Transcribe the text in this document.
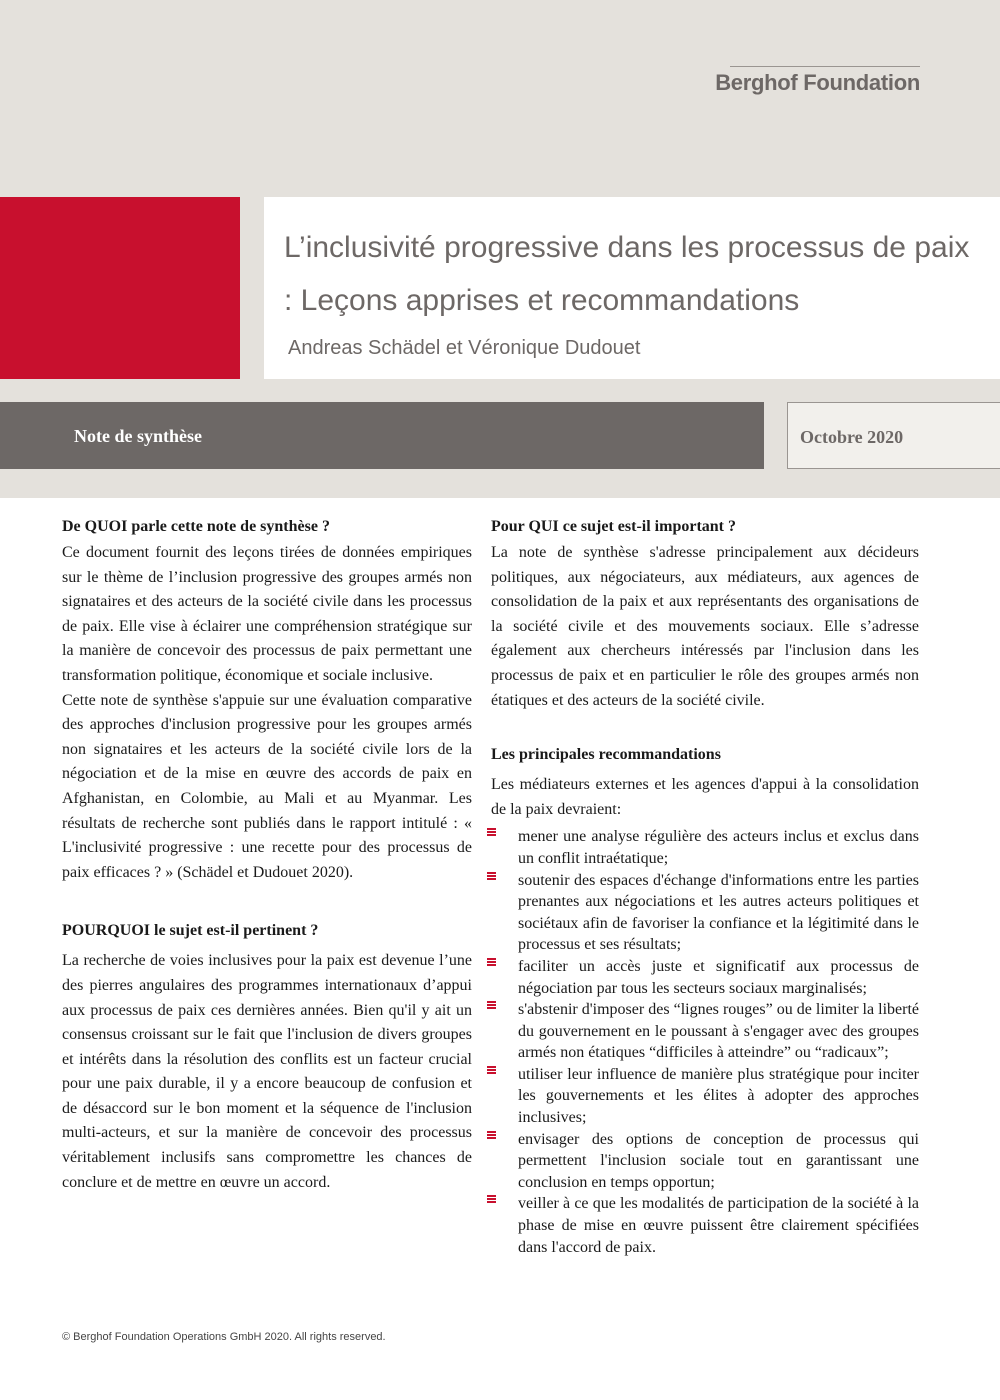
Berghof Foundation
L’inclusivité progressive dans les processus de paix : Leçons apprises et recommandations
Andreas Schädel et Véronique Dudouet
Note de synthèse	Octobre 2020
De QUOI parle cette note de synthèse ?

Ce document fournit des leçons tirées de données empiriques sur le thème de l’inclusion progressive des groupes armés non signataires et des acteurs de la société civile dans les processus de paix. Elle vise à éclairer une compréhension stratégique sur la manière de concevoir des processus de paix permettant une transformation politique, économique et sociale inclusive.

Cette note de synthèse s'appuie sur une évaluation comparative des approches d'inclusion progressive pour les groupes armés non signataires et les acteurs de la société civile lors de la négociation et de la mise en œuvre des accords de paix en Afghanistan, en Colombie, au Mali et au Myanmar. Les résultats de recherche sont publiés dans le rapport intitulé : « L'inclusivité progressive : une recette pour des processus de paix efficaces ? » (Schädel et Dudouet 2020).

POURQUOI le sujet est-il pertinent ?

La recherche de voies inclusives pour la paix est devenue l’une des pierres angulaires des programmes internationaux d’appui aux processus de paix ces dernières années. Bien qu'il y ait un consensus croissant sur le fait que l'inclusion de divers groupes et intérêts dans la résolution des conflits est un facteur crucial pour une paix durable, il y a encore beaucoup de confusion et de désaccord sur le bon moment et la séquence de l'inclusion multi-acteurs, et sur la manière de concevoir des processus véritablement inclusifs sans compromettre les chances de conclure et de mettre en œuvre un accord.

Pour QUI ce sujet est-il important ?

La note de synthèse s'adresse principalement aux décideurs politiques, aux négociateurs, aux médiateurs, aux agences de consolidation de la paix et aux représentants des organisations de la société civile et des mouvements sociaux. Elle s’adresse également aux chercheurs intéressés par l'inclusion dans les processus de paix et en particulier le rôle des groupes armés non étatiques et des acteurs de la société civile.

Les principales recommandations

Les médiateurs externes et les agences d'appui à la consolidation de la paix devraient:

mener une analyse régulière des acteurs inclus et exclus dans un conflit intraétatique;
soutenir des espaces d'échange d'informations entre les parties prenantes aux négociations et les autres acteurs politiques et sociétaux afin de favoriser la confiance et la légitimité dans le processus et ses résultats;
faciliter un accès juste et significatif aux processus de négociation par tous les secteurs sociaux marginalisés;
s'abstenir d'imposer des “lignes rouges” ou de limiter la liberté du gouvernement en le poussant à s'engager avec des groupes armés non étatiques “difficiles à atteindre” ou “radicaux”;
utiliser leur influence de manière plus stratégique pour inciter les gouvernements et les élites à adopter des approches inclusives;
envisager des options de conception de processus qui permettent l'inclusion sociale tout en garantissant une conclusion en temps opportun;
veiller à ce que les modalités de participation de la société à la phase de mise en œuvre puissent être clairement spécifiées dans l'accord de paix.
© Berghof Foundation Operations GmbH 2020. All rights reserved.
